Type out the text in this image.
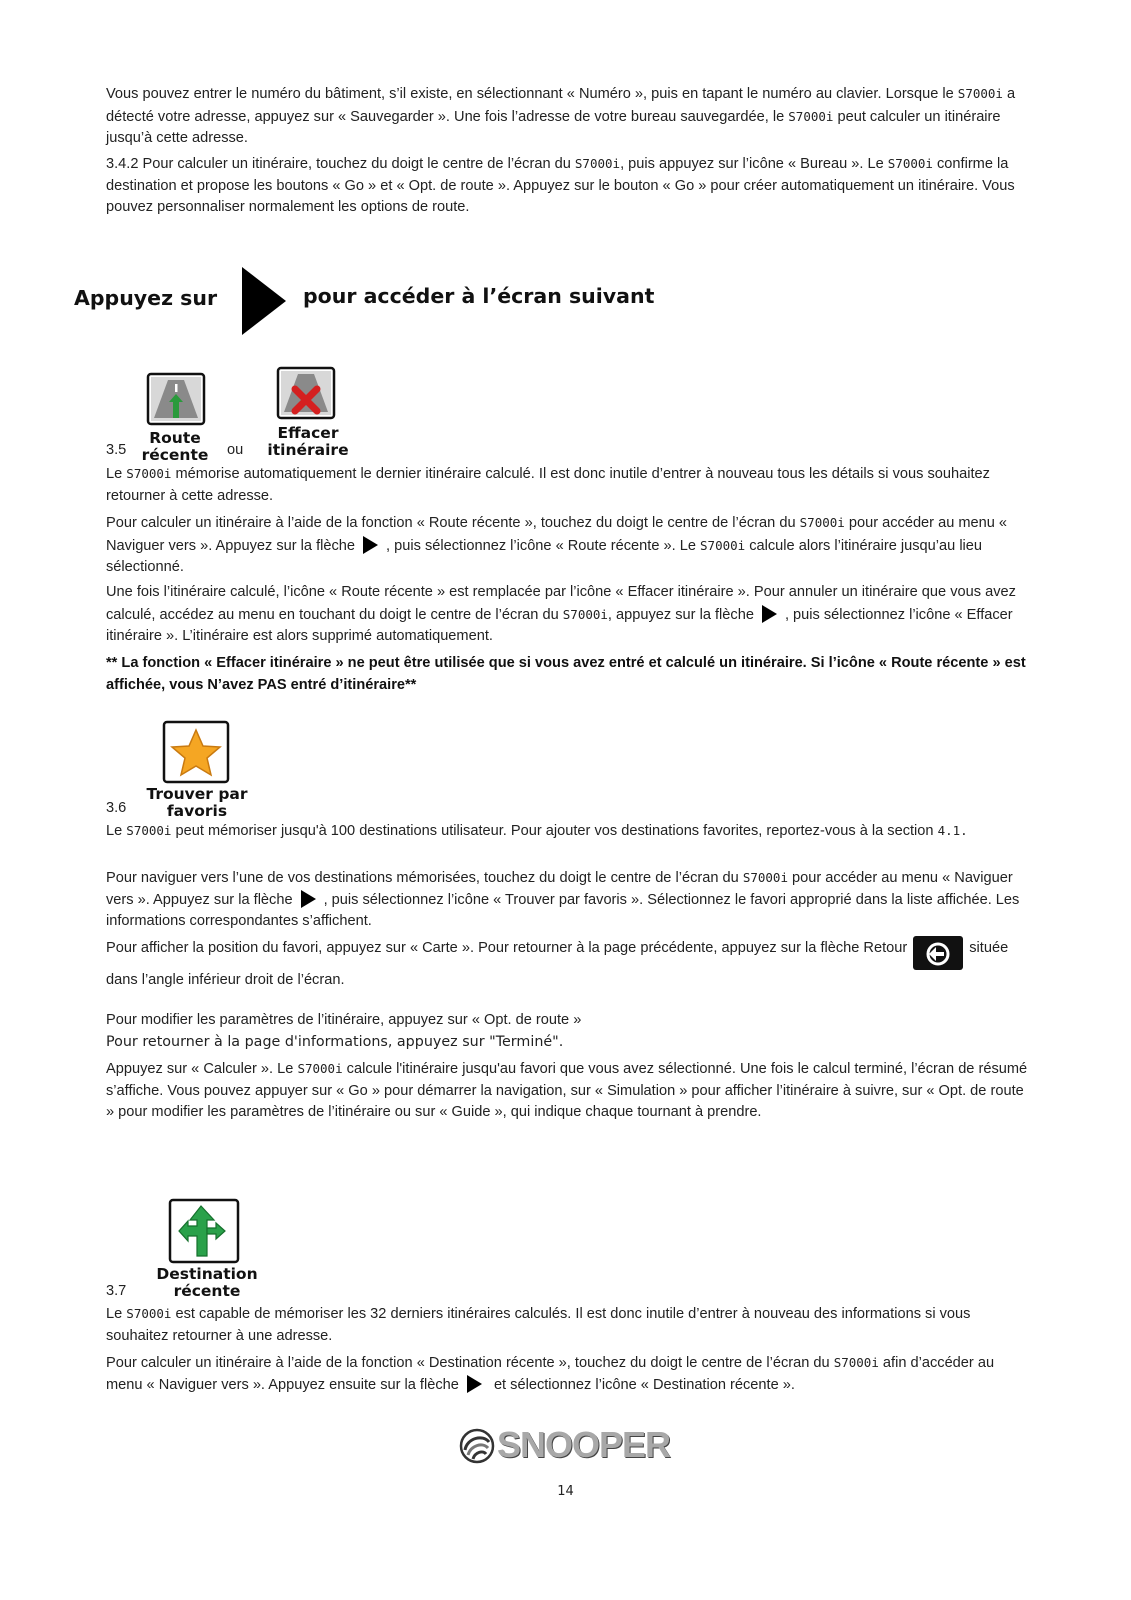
Vous pouvez entrer le numéro du bâtiment, s’il existe, en sélectionnant « Numéro », puis en tapant le numéro au clavier. Lorsque le S7000i a détecté votre adresse, appuyez sur « Sauvegarder ». Une fois l’adresse de votre bureau sauvegardée, le S7000i peut calculer un itinéraire jusqu’à cette adresse.

3.4.2 Pour calculer un itinéraire, touchez du doigt le centre de l’écran du S7000i, puis appuyez sur l’icône « Bureau ». Le S7000i confirme la destination et propose les boutons « Go » et « Opt. de route ». Appuyez sur le bouton « Go » pour créer automatiquement un itinéraire. Vous pouvez personnaliser normalement les options de route.

Appuyez sur	pour accéder à l’écran suivant
Route récente
3.5	ou
Effacer itinéraire

Le S7000i mémorise automatiquement le dernier itinéraire calculé. Il est donc inutile d’entrer à nouveau tous les détails si vous souhaitez retourner à cette adresse.

Pour calculer un itinéraire à l’aide de la fonction « Route récente », touchez du doigt le centre de l’écran du S7000i pour accéder au menu « Naviguer vers ». Appuyez sur la flèche , puis sélectionnez l’icône « Route récente ». Le S7000i calcule alors l’itinéraire jusqu’au lieu sélectionné.

Une fois l’itinéraire calculé, l’icône « Route récente » est remplacée par l’icône « Effacer itinéraire ». Pour annuler un itinéraire que vous avez calculé, accédez au menu en touchant du doigt le centre de l’écran du S7000i, appuyez sur la flèche , puis sélectionnez l’icône « Effacer itinéraire ». L’itinéraire est alors supprimé automatiquement.

** La fonction « Effacer itinéraire » ne peut être utilisée que si vous avez entré et calculé un itinéraire. Si l’icône « Route récente » est affichée, vous N’avez PAS entré d’itinéraire**

Trouver par favoris
3.6

Le S7000i peut mémoriser jusqu'à 100 destinations utilisateur. Pour ajouter vos destinations favorites, reportez-vous à la section 4.1.

Pour naviguer vers l’une de vos destinations mémorisées, touchez du doigt le centre de l’écran du S7000i pour accéder au menu « Naviguer vers ». Appuyez sur la flèche , puis sélectionnez l’icône « Trouver par favoris ». Sélectionnez le favori approprié dans la liste affichée. Les informations correspondantes s’affichent.

Pour afficher la position du favori, appuyez sur « Carte ». Pour retourner à la page précédente, appuyez sur la flèche Retour	située dans l’angle inférieur droit de l’écran.

Pour modifier les paramètres de l’itinéraire, appuyez sur « Opt. de route »

Pour retourner à la page d'informations, appuyez sur "Terminé".

Appuyez sur « Calculer ». Le S7000i calcule l'itinéraire jusqu'au favori que vous avez sélectionné. Une fois le calcul terminé, l’écran de résumé s’affiche. Vous pouvez appuyer sur « Go » pour démarrer la navigation, sur « Simulation » pour afficher l’itinéraire à suivre, sur « Opt. de route » pour modifier les paramètres de l’itinéraire ou sur « Guide », qui indique chaque tournant à prendre.

Destination récente
3.7

Le S7000i est capable de mémoriser les 32 derniers itinéraires calculés. Il est donc inutile d’entrer à nouveau des informations si vous souhaitez retourner à une adresse.

Pour calculer un itinéraire à l’aide de la fonction « Destination récente », touchez du doigt le centre de l’écran du S7000i afin d’accéder au menu « Naviguer vers ». Appuyez ensuite sur la flèche et sélectionnez l’icône « Destination récente ».

SNOOPER
14
